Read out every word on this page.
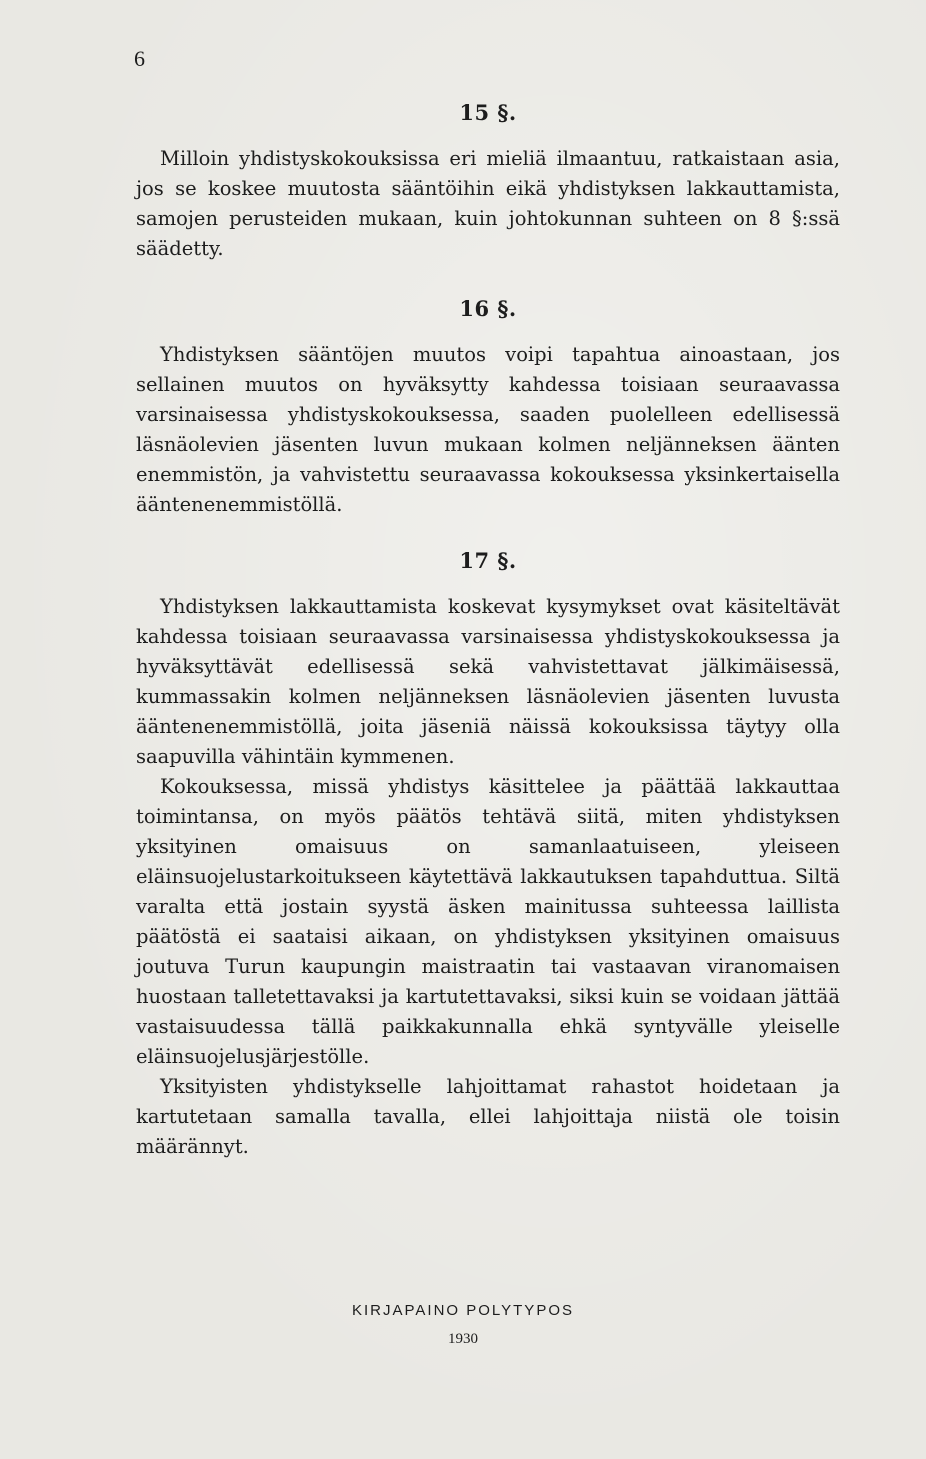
6
15 §.

Milloin yhdistyskokouksissa eri mieliä ilmaantuu, ratkaistaan asia, jos se koskee muutosta sääntöihin eikä yhdistyksen lakkauttamista, samojen perusteiden mukaan, kuin johtokunnan suhteen on 8 §:ssä säädetty.

16 §.

Yhdistyksen sääntöjen muutos voipi tapahtua ainoastaan, jos sellainen muutos on hyväksytty kahdessa toisiaan seuraavassa varsinaisessa yhdistyskokouksessa, saaden puolelleen edellisessä läsnäolevien jäsenten luvun mukaan kolmen neljänneksen äänten enemmistön, ja vahvistettu seuraavassa kokouksessa yksinkertaisella ääntenenemmistöllä.

17 §.

Yhdistyksen lakkauttamista koskevat kysymykset ovat käsiteltävät kahdessa toisiaan seuraavassa varsinaisessa yhdistyskokouksessa ja hyväksyttävät edellisessä sekä vahvistettavat jälkimäisessä, kummassakin kolmen neljänneksen läsnäolevien jäsenten luvusta ääntenenemmistöllä, joita jäseniä näissä kokouksissa täytyy olla saapuvilla vähintäin kymmenen.

Kokouksessa, missä yhdistys käsittelee ja päättää lakkauttaa toimintansa, on myös päätös tehtävä siitä, miten yhdistyksen yksityinen omaisuus on samanlaatuiseen, yleiseen eläinsuojelustarkoitukseen käytettävä lakkautuksen tapahduttua. Siltä varalta että jostain syystä äsken mainitussa suhteessa laillista päätöstä ei saataisi aikaan, on yhdistyksen yksityinen omaisuus joutuva Turun kaupungin maistraatin tai vastaavan viranomaisen huostaan talletettavaksi ja kartutettavaksi, siksi kuin se voidaan jättää vastaisuudessa tällä paikkakunnalla ehkä syntyvälle yleiselle eläinsuojelusjärjestölle.

Yksityisten yhdistykselle lahjoittamat rahastot hoidetaan ja kartutetaan samalla tavalla, ellei lahjoittaja niistä ole toisin määrännyt.

KIRJAPAINO POLYTYPOS
1930
